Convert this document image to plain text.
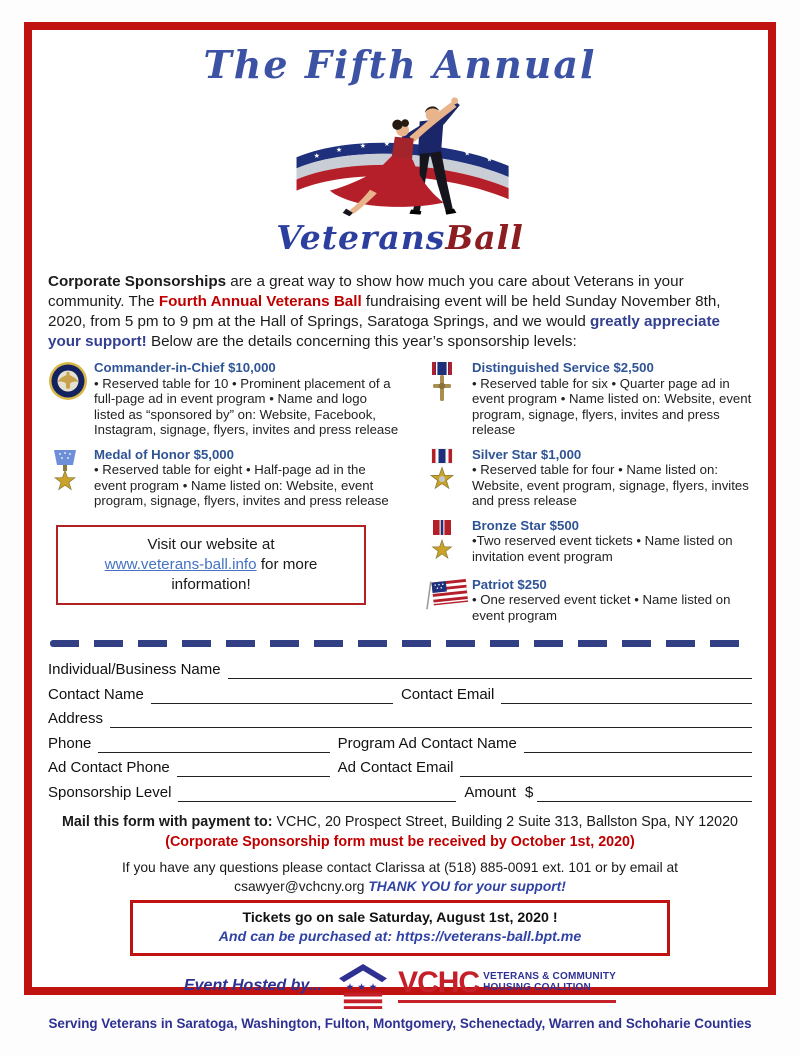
The Fifth Annual
★
★
★ ★
★
★
VeteransBall

Corporate Sponsorships are a great way to show how much you care about Veterans in your community. The Fourth Annual Veterans Ball fundraising event will be held Sunday November 8th, 2020, from 5 pm to 9 pm at the Hall of Springs, Saratoga Springs, and we would greatly appreciate your support! Below are the details concerning this year’s sponsorship levels:

Commander-in-Chief $10,000

• Reserved table for 10 • Prominent placement of a full-page ad in event program • Name and logo listed as “sponsored by” on: Website, Facebook, Instagram, signage, flyers, invites and press release

Medal of Honor $5,000

• Reserved table for eight • Half-page ad in the event program • Name listed on: Website, event program, signage, flyers, invites and press release

Visit our website at
www.veterans-ball.info for more information!
Distinguished Service $2,500

• Reserved table for six • Quarter page ad in event program • Name listed on: Website, event program, signage, flyers, invites and press release

Silver Star $1,000

• Reserved table for four • Name listed on: Website, event program, signage, flyers, invites and press release

Bronze Star $500

•Two reserved event tickets • Name listed on invitation event program

Patriot $250

• One reserved event ticket • Name listed on event program

Individual/Business Name
Contact Name	Contact Email
Address
Phone	Program Ad Contact Name
Ad Contact Phone	Ad Contact Email
Sponsorship Level	Amount $
Mail this form with payment to: VCHC, 20 Prospect Street, Building 2 Suite 313, Ballston Spa, NY 12020
(Corporate Sponsorship form must be received by October 1st, 2020)
If you have any questions please contact Clarissa at (518) 885-0091 ext. 101 or by email at
csawyer@vchcny.org THANK YOU for your support!
Tickets go on sale Saturday, August 1st, 2020 !
And can be purchased at: https://veterans-ball.bpt.me
Event Hosted by... ★ ★ ★ VCHC VETERANS & COMMUNITY
HOUSING COALITION
Serving Veterans in Saratoga, Washington, Fulton, Montgomery, Schenectady, Warren and Schoharie Counties
